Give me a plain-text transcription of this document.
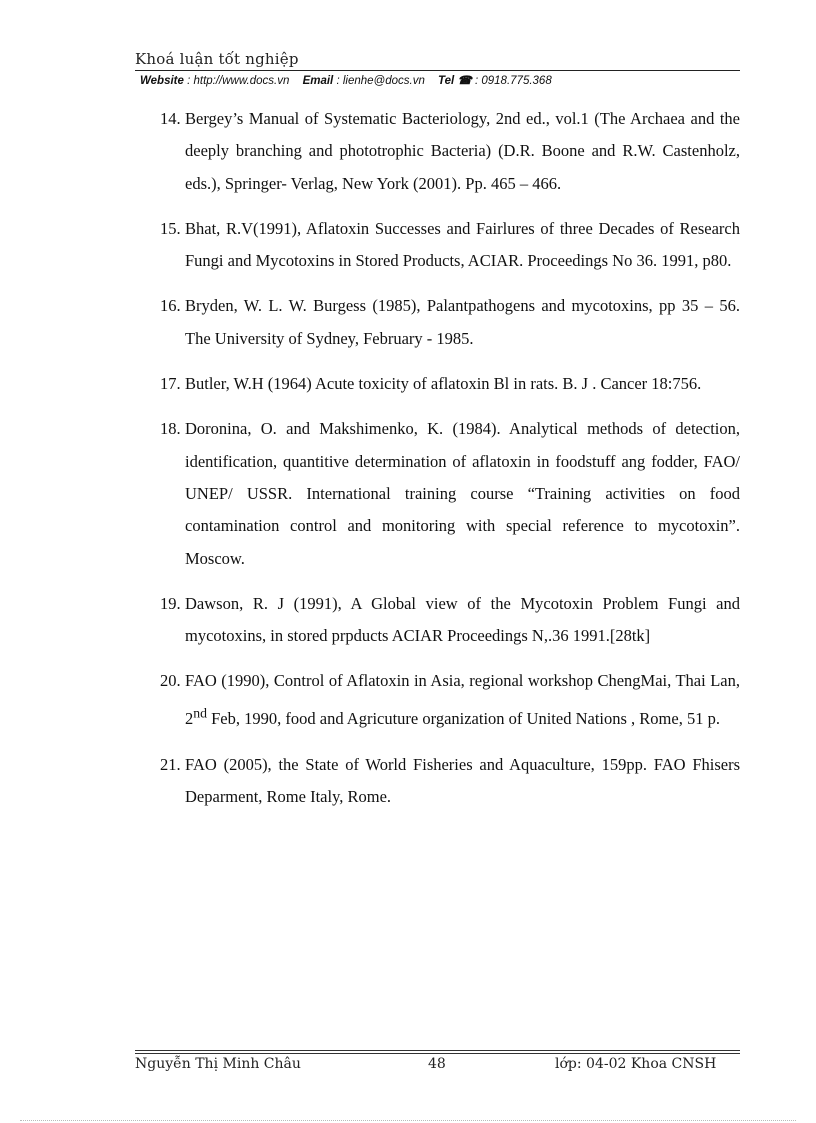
Khoá luận tốt nghiệp
Website : http://www.docs.vn Email : lienhe@docs.vn Tel ☎ : 0918.775.368
14. Bergey’s Manual of Systematic Bacteriology, 2nd ed., vol.1 (The Archaea and the deeply branching and phototrophic Bacteria) (D.R. Boone and R.W. Castenholz, eds.), Springer- Verlag, New York (2001). Pp. 465 – 466.
15. Bhat, R.V(1991), Aflatoxin Successes and Fairlures of three Decades of Research Fungi and Mycotoxins in Stored Products, ACIAR. Proceedings No 36. 1991, p80.
16. Bryden, W. L. W. Burgess (1985), Palantpathogens and mycotoxins, pp 35 – 56. The University of Sydney, February - 1985.
17. Butler, W.H (1964) Acute toxicity of aflatoxin Bl in rats. B. J . Cancer 18:756.
18. Doronina, O. and Makshimenko, K. (1984). Analytical methods of detection, identification, quantitive determination of aflatoxin in foodstuff ang fodder, FAO/ UNEP/ USSR. International training course “Training activities on food contamination control and monitoring with special reference to mycotoxin”. Moscow.
19. Dawson, R. J (1991), A Global view of the Mycotoxin Problem Fungi and mycotoxins, in stored prpducts ACIAR Proceedings N,.36 1991.[28tk]
20. FAO (1990), Control of Aflatoxin in Asia, regional workshop ChengMai, Thai Lan, 2nd Feb, 1990, food and Agricuture organization of United Nations , Rome, 51 p.
21. FAO (2005), the State of World Fisheries and Aquaculture, 159pp. FAO Fhisers Deparment, Rome Italy, Rome.
Nguyễn Thị Minh Châu	48	lớp: 04-02 Khoa CNSH
